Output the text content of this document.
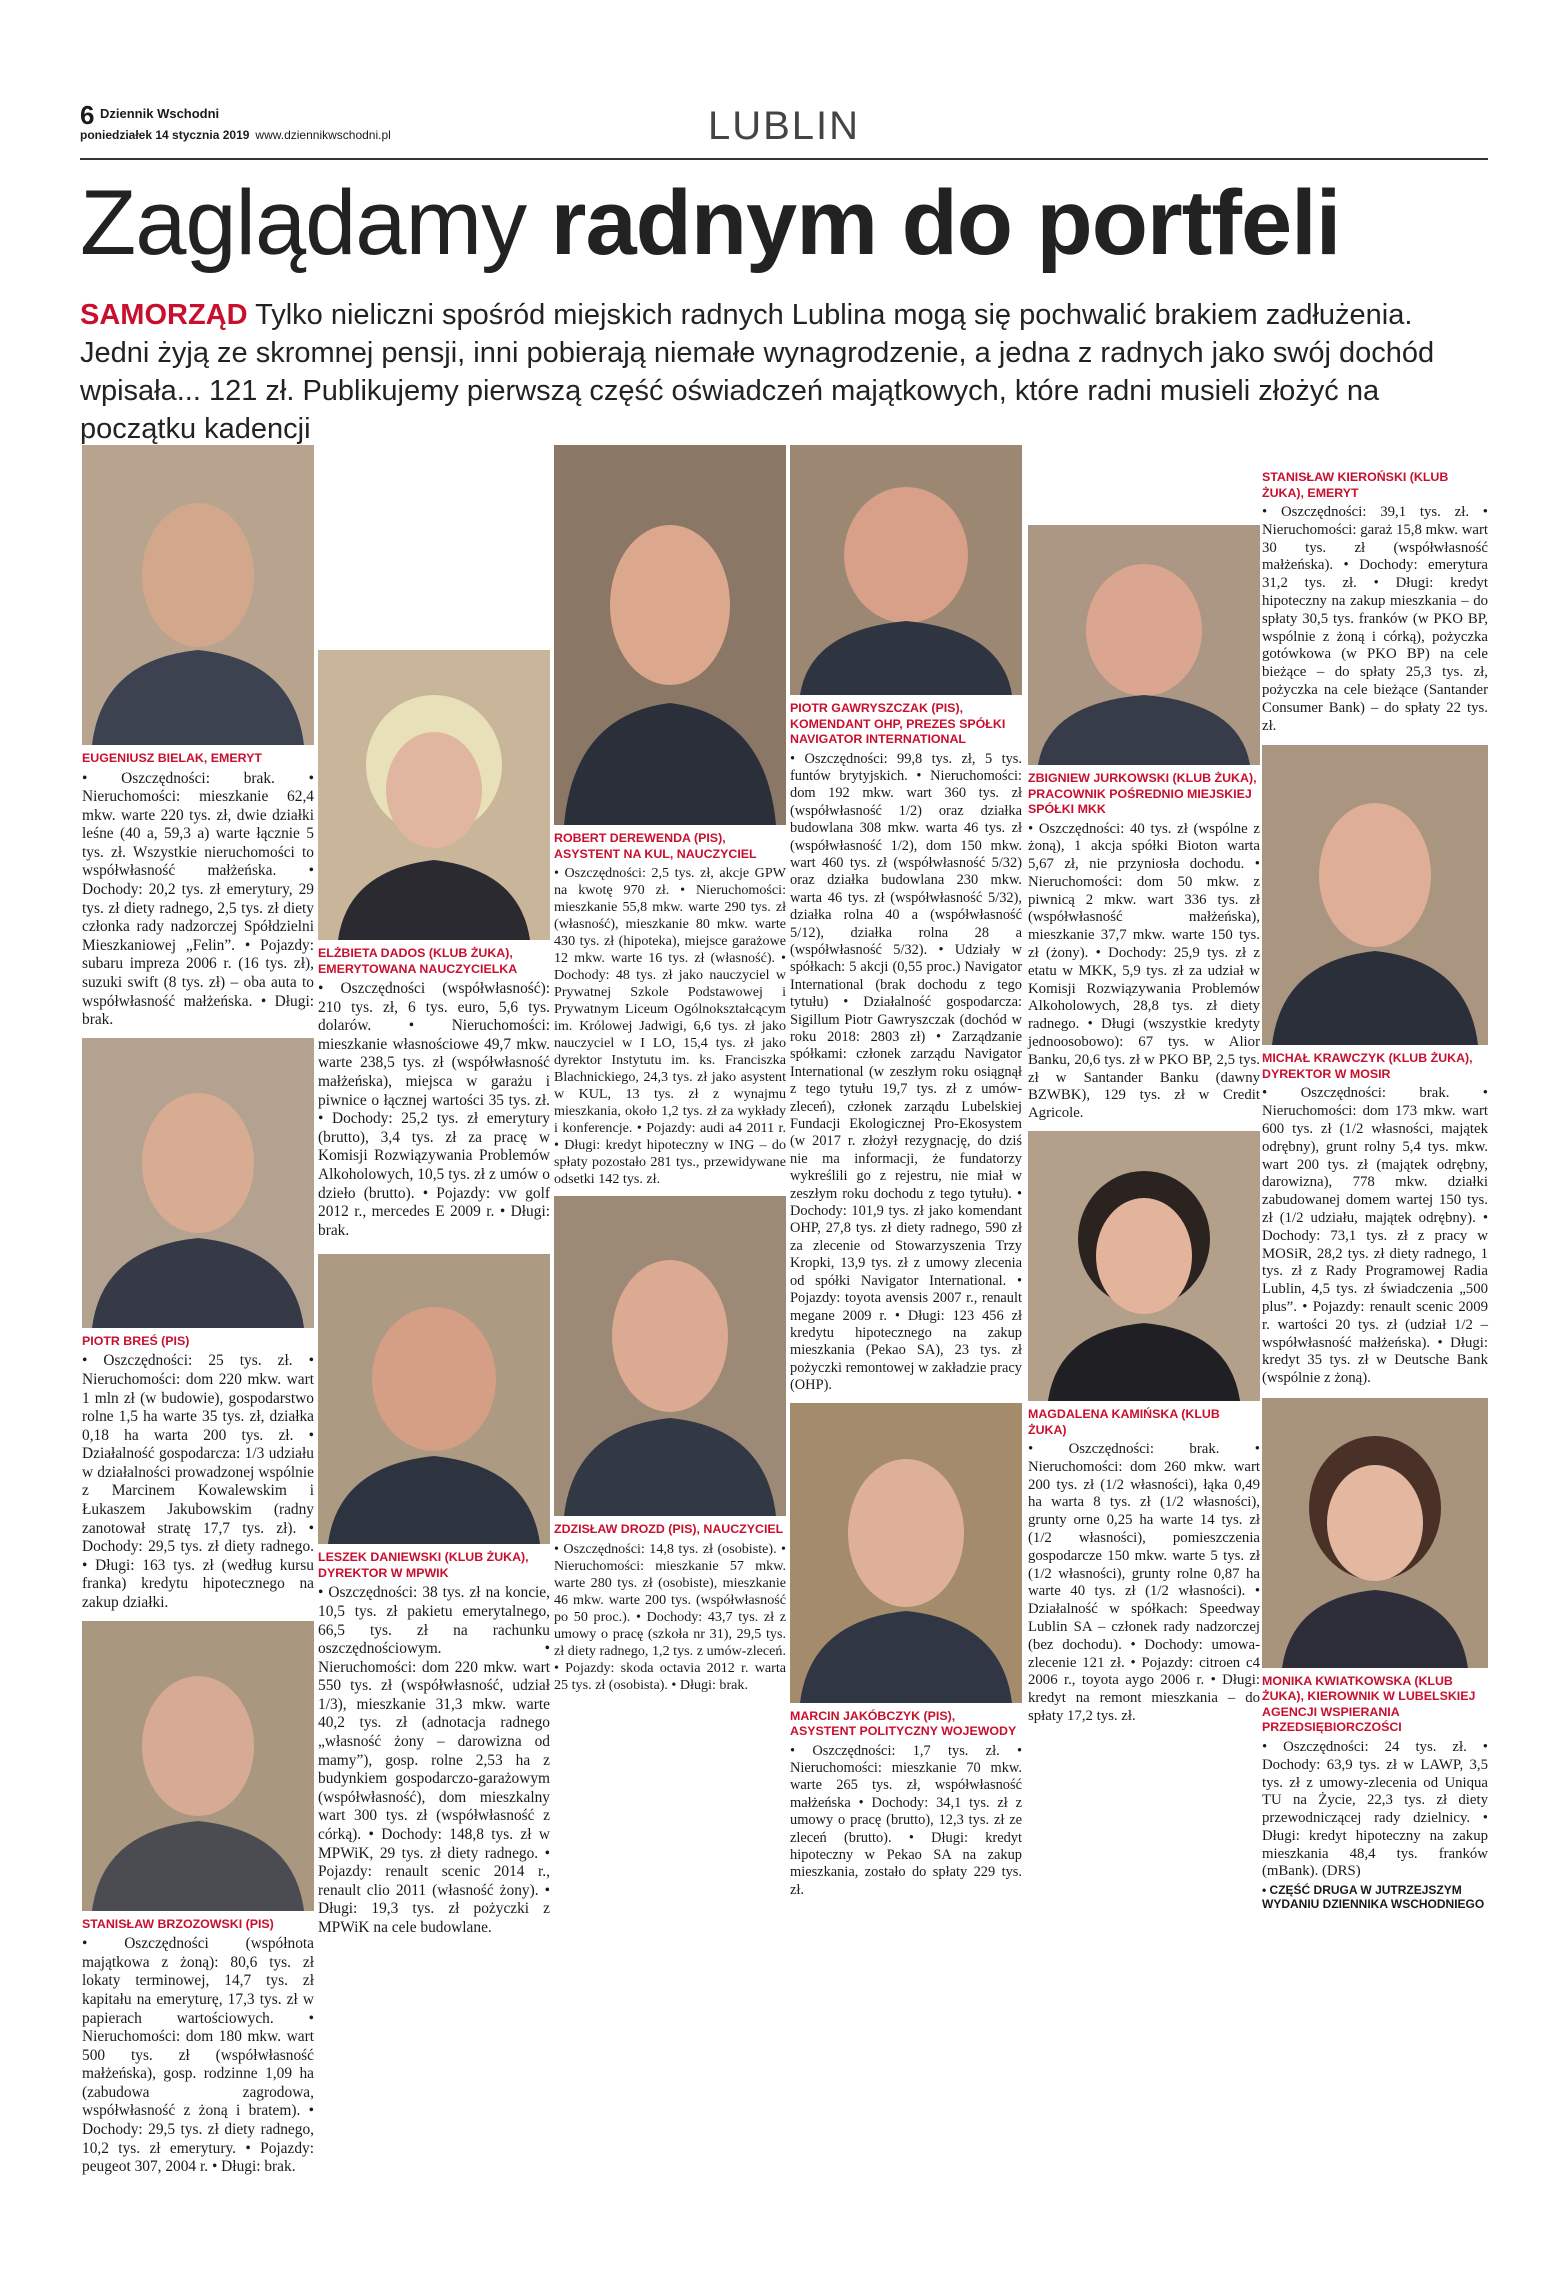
6 Dziennik Wschodni
poniedziałek 14 stycznia 2019 www.dziennikwschodni.pl	LUBLIN
Zaglądamy radnym do portfeli

SAMORZĄD Tylko nieliczni spośród miejskich radnych Lublina mogą się pochwalić brakiem zadłużenia. Jedni żyją ze skromnej pensji, inni pobierają niemałe wynagrodzenie, a jedna z radnych jako swój dochód wpisała... 121 zł. Publikujemy pierwszą część oświadczeń majątkowych, które radni musieli złożyć na początku kadencji

EUGENIUSZ BIELAK, EMERYT
• Oszczędności: brak. • Nieruchomości: mieszkanie 62,4 mkw. warte 220 tys. zł, dwie działki leśne (40 a, 59,3 a) warte łącznie 5 tys. zł. Wszystkie nieruchomości to współwłasność małżeńska. • Dochody: 20,2 tys. zł emerytury, 29 tys. zł diety radnego, 2,5 tys. zł diety członka rady nadzorczej Spółdzielni Mieszkaniowej „Felin”. • Pojazdy: subaru impreza 2006 r. (16 tys. zł), suzuki swift (8 tys. zł) – oba auta to współwłasność małżeńska. • Długi: brak.
PIOTR BREŚ (PIS)
• Oszczędności: 25 tys. zł. • Nieruchomości: dom 220 mkw. wart 1 mln zł (w budowie), gospodarstwo rolne 1,5 ha warte 35 tys. zł, działka 0,18 ha warta 200 tys. zł. • Działalność gospodarcza: 1/3 udziału w działalności prowadzonej wspólnie z Marcinem Kowalewskim i Łukaszem Jakubowskim (radny zanotował stratę 17,7 tys. zł). • Dochody: 29,5 tys. zł diety radnego. • Długi: 163 tys. zł (według kursu franka) kredytu hipotecznego na zakup działki.
STANISŁAW BRZOZOWSKI (PIS)
• Oszczędności (współnota majątkowa z żoną): 80,6 tys. zł lokaty terminowej, 14,7 tys. zł kapitału na emeryturę, 17,3 tys. zł w papierach wartościowych. • Nieruchomości: dom 180 mkw. wart 500 tys. zł (współwłasność małżeńska), gosp. rodzinne 1,09 ha (zabudowa zagrodowa, współwłasność z żoną i bratem). • Dochody: 29,5 tys. zł diety radnego, 10,2 tys. zł emerytury. • Pojazdy: peugeot 307, 2004 r. • Długi: brak.
ELŻBIETA DADOS (KLUB ŻUKA), EMERYTOWANA NAUCZYCIELKA
• Oszczędności (współwłasność): 210 tys. zł, 6 tys. euro, 5,6 tys. dolarów. • Nieruchomości: mieszkanie własnościowe 49,7 mkw. warte 238,5 tys. zł (współwłasność małżeńska), miejsca w garażu i piwnice o łącznej wartości 35 tys. zł. • Dochody: 25,2 tys. zł emerytury (brutto), 3,4 tys. zł za pracę w Komisji Rozwiązywania Problemów Alkoholowych, 10,5 tys. zł z umów o dzieło (brutto). • Pojazdy: vw golf 2012 r., mercedes E 2009 r. • Długi: brak.
LESZEK DANIEWSKI (KLUB ŻUKA), DYREKTOR W MPWIK
• Oszczędności: 38 tys. zł na koncie, 10,5 tys. zł pakietu emerytalnego, 66,5 tys. zł na rachunku oszczędnościowym. • Nieruchomości: dom 220 mkw. wart 550 tys. zł (współwłasność, udział 1/3), mieszkanie 31,3 mkw. warte 40,2 tys. zł (adnotacja radnego „własność żony – darowizna od mamy”), gosp. rolne 2,53 ha z budynkiem gospodarczo-garażowym (współwłasność), dom mieszkalny wart 300 tys. zł (współwłasność z córką). • Dochody: 148,8 tys. zł w MPWiK, 29 tys. zł diety radnego. • Pojazdy: renault scenic 2014 r., renault clio 2011 (własność żony). • Długi: 19,3 tys. zł pożyczki z MPWiK na cele budowlane.
ROBERT DEREWENDA (PIS), ASYSTENT NA KUL, NAUCZYCIEL
• Oszczędności: 2,5 tys. zł, akcje GPW na kwotę 970 zł. • Nieruchomości: mieszkanie 55,8 mkw. warte 290 tys. zł (własność), mieszkanie 80 mkw. warte 430 tys. zł (hipoteka), miejsce garażowe 12 mkw. warte 16 tys. zł (własność). • Dochody: 48 tys. zł jako nauczyciel w Prywatnej Szkole Podstawowej i Prywatnym Liceum Ogólnokształcącym im. Królowej Jadwigi, 6,6 tys. zł jako nauczyciel w I LO, 15,4 tys. zł jako dyrektor Instytutu im. ks. Franciszka Blachnickiego, 24,3 tys. zł jako asystent w KUL, 13 tys. zł z wynajmu mieszkania, około 1,2 tys. zł za wykłady i konferencje. • Pojazdy: audi a4 2011 r. • Długi: kredyt hipoteczny w ING – do spłaty pozostało 281 tys., przewidywane odsetki 142 tys. zł.
ZDZISŁAW DROZD (PIS), NAUCZYCIEL
• Oszczędności: 14,8 tys. zł (osobiste). • Nieruchomości: mieszkanie 57 mkw. warte 280 tys. zł (osobiste), mieszkanie 46 mkw. warte 200 tys. (współwłasność po 50 proc.). • Dochody: 43,7 tys. zł z umowy o pracę (szkoła nr 31), 29,5 tys. zł diety radnego, 1,2 tys. z umów-zleceń. • Pojazdy: skoda octavia 2012 r. warta 25 tys. zł (osobista). • Długi: brak.
PIOTR GAWRYSZCZAK (PIS), KOMENDANT OHP, PREZES SPÓŁKI NAVIGATOR INTERNATIONAL
• Oszczędności: 99,8 tys. zł, 5 tys. funtów brytyjskich. • Nieruchomości: dom 192 mkw. wart 360 tys. zł (współwłasność 1/2) oraz działka budowlana 308 mkw. warta 46 tys. zł (współwłasność 1/2), dom 150 mkw. wart 460 tys. zł (współwłasność 5/32) oraz działka budowlana 230 mkw. warta 46 tys. zł (współwłasność 5/32), działka rolna 40 a (współwłasność 5/12), działka rolna 28 a (współwłasność 5/32). • Udziały w spółkach: 5 akcji (0,55 proc.) Navigator International (brak dochodu z tego tytułu) • Działalność gospodarcza: Sigillum Piotr Gawryszczak (dochód w roku 2018: 2803 zł) • Zarządzanie spółkami: członek zarządu Navigator International (w zeszłym roku osiągnął z tego tytułu 19,7 tys. zł z umów-zleceń), członek zarządu Lubelskiej Fundacji Ekologicznej Pro-Ekosystem (w 2017 r. złożył rezygnację, do dziś nie ma informacji, że fundatorzy wykreślili go z rejestru, nie miał w zeszłym roku dochodu z tego tytułu). • Dochody: 101,9 tys. zł jako komendant OHP, 27,8 tys. zł diety radnego, 590 zł za zlecenie od Stowarzyszenia Trzy Kropki, 13,9 tys. zł z umowy zlecenia od spółki Navigator International. • Pojazdy: toyota avensis 2007 r., renault megane 2009 r. • Długi: 123 456 zł kredytu hipotecznego na zakup mieszkania (Pekao SA), 23 tys. zł pożyczki remontowej w zakładzie pracy (OHP).
MARCIN JAKÓBCZYK (PIS), ASYSTENT POLITYCZNY WOJEWODY
• Oszczędności: 1,7 tys. zł. • Nieruchomości: mieszkanie 70 mkw. warte 265 tys. zł, współwłasność małżeńska • Dochody: 34,1 tys. zł z umowy o pracę (brutto), 12,3 tys. zł ze zleceń (brutto). • Długi: kredyt hipoteczny w Pekao SA na zakup mieszkania, zostało do spłaty 229 tys. zł.
ZBIGNIEW JURKOWSKI (KLUB ŻUKA), PRACOWNIK POŚREDNIO MIEJSKIEJ SPÓŁKI MKK
• Oszczędności: 40 tys. zł (wspólne z żoną), 1 akcja spółki Bioton warta 5,67 zł, nie przyniosła dochodu. • Nieruchomości: dom 50 mkw. z piwnicą 2 mkw. wart 336 tys. zł (współwłasność małżeńska), mieszkanie 37,7 mkw. warte 150 tys. zł (żony). • Dochody: 25,9 tys. zł z etatu w MKK, 5,9 tys. zł za udział w Komisji Rozwiązywania Problemów Alkoholowych, 28,8 tys. zł diety radnego. • Długi (wszystkie kredyty jednoosobowo): 67 tys. w Alior Banku, 20,6 tys. zł w PKO BP, 2,5 tys. zł w Santander Banku (dawny BZWBK), 129 tys. zł w Credit Agricole.
MAGDALENA KAMIŃSKA (KLUB ŻUKA)
• Oszczędności: brak. • Nieruchomości: dom 260 mkw. wart 200 tys. zł (1/2 własności), łąka 0,49 ha warta 8 tys. zł (1/2 własności), grunty orne 0,25 ha warte 14 tys. zł (1/2 własności), pomieszczenia gospodarcze 150 mkw. warte 5 tys. zł (1/2 własności), grunty rolne 0,87 ha warte 40 tys. zł (1/2 własności). • Działalność w spółkach: Speedway Lublin SA – członek rady nadzorczej (bez dochodu). • Dochody: umowa-zlecenie 121 zł. • Pojazdy: citroen c4 2006 r., toyota aygo 2006 r. • Długi: kredyt na remont mieszkania – do spłaty 17,2 tys. zł.
STANISŁAW KIEROŃSKI (KLUB ŻUKA), EMERYT
• Oszczędności: 39,1 tys. zł. • Nieruchomości: garaż 15,8 mkw. wart 30 tys. zł (współwłasność małżeńska). • Dochody: emerytura 31,2 tys. zł. • Długi: kredyt hipoteczny na zakup mieszkania – do spłaty 30,5 tys. franków (w PKO BP, wspólnie z żoną i córką), pożyczka gotówkowa (w PKO BP) na cele bieżące – do spłaty 25,3 tys. zł, pożyczka na cele bieżące (Santander Consumer Bank) – do spłaty 22 tys. zł.
MICHAŁ KRAWCZYK (KLUB ŻUKA), DYREKTOR W MOSIR
• Oszczędności: brak. • Nieruchomości: dom 173 mkw. wart 600 tys. zł (1/2 własności, majątek odrębny), grunt rolny 5,4 tys. mkw. wart 200 tys. zł (majątek odrębny, darowizna), 778 mkw. działki zabudowanej domem wartej 150 tys. zł (1/2 udziału, majątek odrębny). • Dochody: 73,1 tys. zł z pracy w MOSiR, 28,2 tys. zł diety radnego, 1 tys. zł z Rady Programowej Radia Lublin, 4,5 tys. zł świadczenia „500 plus”. • Pojazdy: renault scenic 2009 r. wartości 20 tys. zł (udział 1/2 – współwłasność małżeńska). • Długi: kredyt 35 tys. zł w Deutsche Bank (wspólnie z żoną).
MONIKA KWIATKOWSKA (KLUB ŻUKA), KIEROWNIK W LUBELSKIEJ AGENCJI WSPIERANIA PRZEDSIĘBIORCZOŚCI
• Oszczędności: 24 tys. zł. • Dochody: 63,9 tys. zł w LAWP, 3,5 tys. zł z umowy-zlecenia od Uniqua TU na Życie, 22,3 tys. zł diety przewodniczącej rady dzielnicy. • Długi: kredyt hipoteczny na zakup mieszkania 48,4 tys. franków (mBank). (DRS)
• CZĘŚĆ DRUGA W JUTRZEJSZYM WYDANIU DZIENNIKA WSCHODNIEGO
